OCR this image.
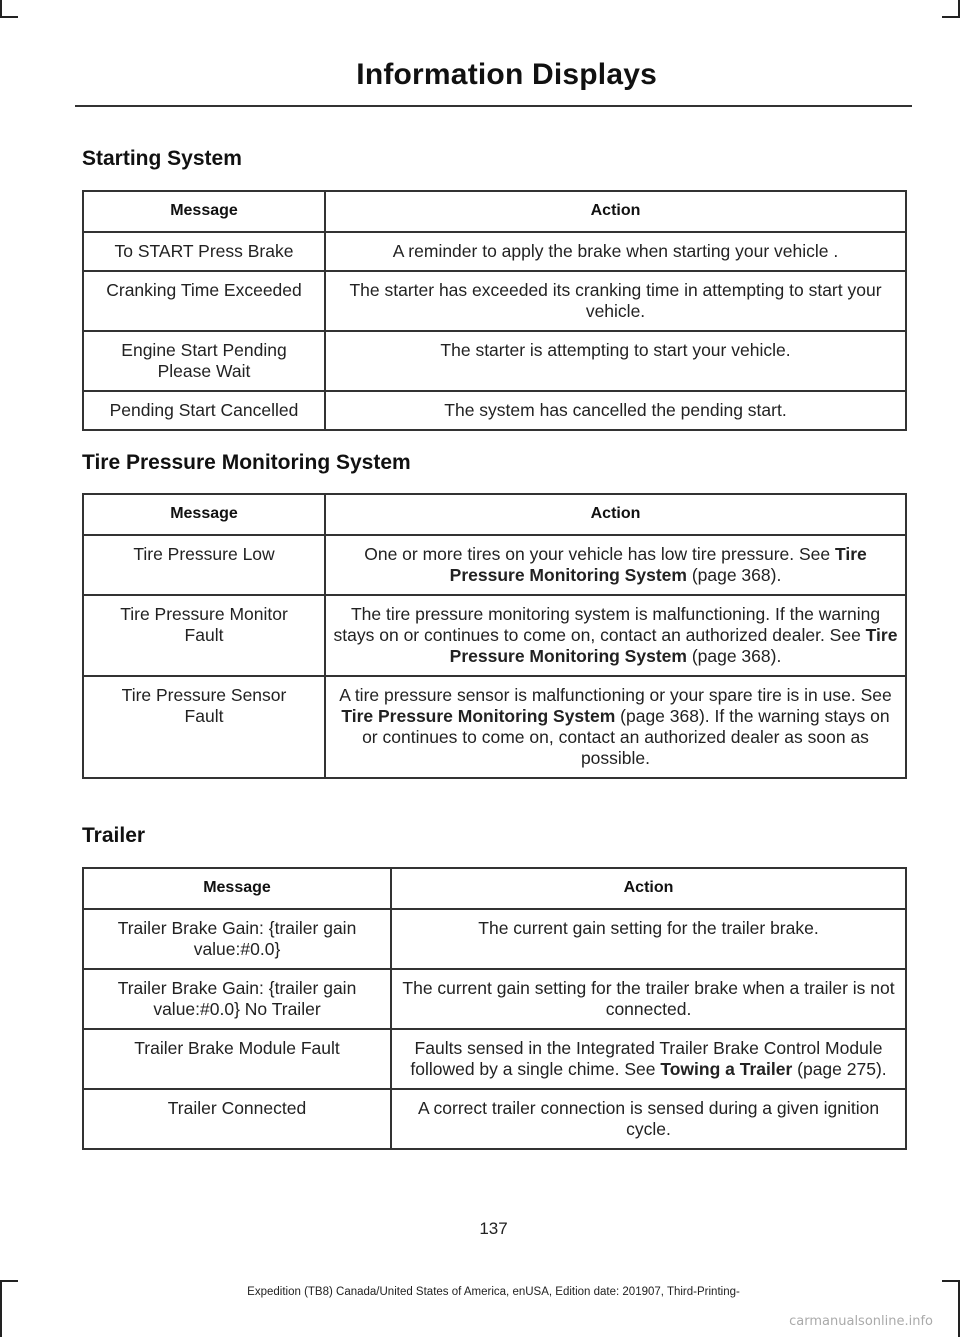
Information Displays
Starting System
Message	Action
To START Press Brake	A reminder to apply the brake when starting your vehicle .
Cranking Time Exceeded	The starter has exceeded its cranking time in attempting to start your vehicle.
Engine Start Pending Please Wait	The starter is attempting to start your vehicle.
Pending Start Cancelled	The system has cancelled the pending start.
Tire Pressure Monitoring System
Message	Action
Tire Pressure Low	One or more tires on your vehicle has low tire pressure. See Tire Pressure Monitoring System (page 368).
Tire Pressure Monitor Fault	The tire pressure monitoring system is malfunctioning. If the warning stays on or continues to come on, contact an authorized dealer. See Tire Pressure Monitoring System (page 368).
Tire Pressure Sensor Fault	A tire pressure sensor is malfunctioning or your spare tire is in use. See Tire Pressure Monitoring System (page 368). If the warning stays on or continues to come on, contact an authorized dealer as soon as possible.
Trailer
Message	Action
Trailer Brake Gain: {trailer gain value:#0.0}	The current gain setting for the trailer brake.
Trailer Brake Gain: {trailer gain value:#0.0} No Trailer	The current gain setting for the trailer brake when a trailer is not connected.
Trailer Brake Module Fault	Faults sensed in the Integrated Trailer Brake Control Module followed by a single chime. See Towing a Trailer (page 275).
Trailer Connected	A correct trailer connection is sensed during a given ignition cycle.
137
Expedition (TB8) Canada/United States of America, enUSA, Edition date: 201907, Third-Printing-
carmanualsonline.info
